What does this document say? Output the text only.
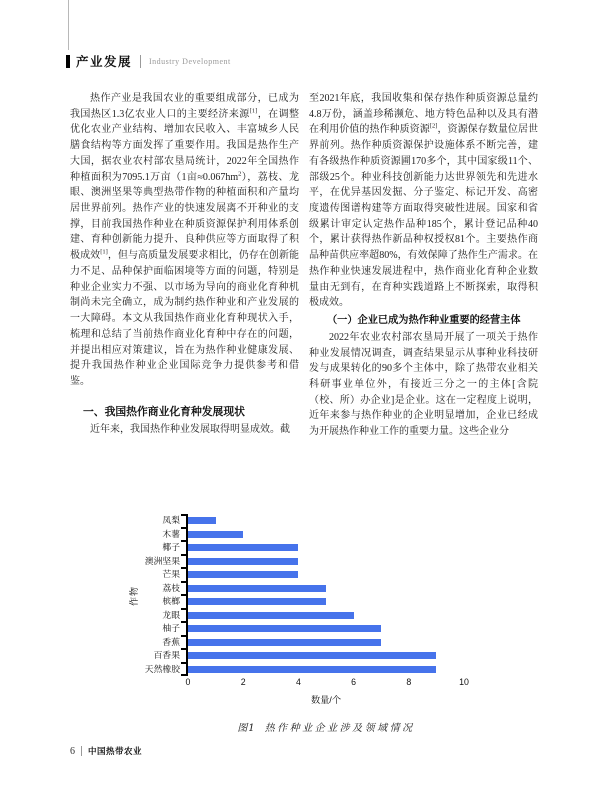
产业发展 Industry Development

热作产业是我国农业的重要组成部分，已成为我国热区1.3亿农业人口的主要经济来源[1]，在调整优化农业产业结构、增加农民收入、丰富城乡人民膳食结构等方面发挥了重要作用。我国是热作生产大国，据农业农村部农垦局统计，2022年全国热作种植面积为7095.1万亩（1亩$\approx 0.067hm^2$），荔枝、龙眼、澳洲坚果等典型热带作物的种植面积和产量均居世界前列。热作产业的快速发展离不开种业的支撑，目前我国热作种业在种质资源保护利用体系创建、育种创新能力提升、良种供应等方面取得了积极成效[1]，但与高质量发展要求相比，仍存在创新能力不足、品种保护面临困境等方面的问题，特别是种业企业实力不强、以市场为导向的商业化育种机制尚未完全确立，成为制约热作种业和产业发展的一大障碍。本文从我国热作商业化育种现状入手，梳理和总结了当前热作商业化育种中存在的问题，并提出相应对策建议，旨在为热作种业健康发展、提升我国热作种业企业国际竞争力提供参考和借鉴。

一、我国热作商业化育种发展现状

近年来，我国热作种业发展取得明显成效。截

至2021年底，我国收集和保存热作种质资源总量约4.8万份，涵盖珍稀濒危、地方特色品种以及具有潜在利用价值的热作种质资源[2]，资源保存数量位居世界前列。热作种质资源保护设施体系不断完善，建有各级热作种质资源圃170多个，其中国家级11个、部级25个。种业科技创新能力达世界领先和先进水平，在优异基因发掘、分子鉴定、标记开发、高密度遗传图谱构建等方面取得突破性进展。国家和省级累计审定认定热作品种185个，累计登记品种40个，累计获得热作新品种权授权81个。主要热作商品种苗供应率超80%，有效保障了热作生产需求。在热作种业快速发展进程中，热作商业化育种企业数量由无到有，在育种实践道路上不断探索，取得积极成效。

（一）企业已成为热作种业重要的经营主体

2022年农业农村部农垦局开展了一项关于热作种业发展情况调查，调查结果显示从事种业科技研发与成果转化的90多个主体中，除了热带农业相关科研事业单位外，有接近三分之一的主体[含院（校、所）办企业]是企业。这在一定程度上说明，近年来参与热作种业的企业明显增加，企业已经成为开展热作种业工作的重要力量。这些企业分

作物
凤梨
木薯
椰子
澳洲坚果
芒果
荔枝
槟榔
龙眼
柚子
香蕉
百香果
天然橡胶
0	2	4	6	8	10
数量/个
图1 热作种业企业涉及领域情况
6 中国热带农业
